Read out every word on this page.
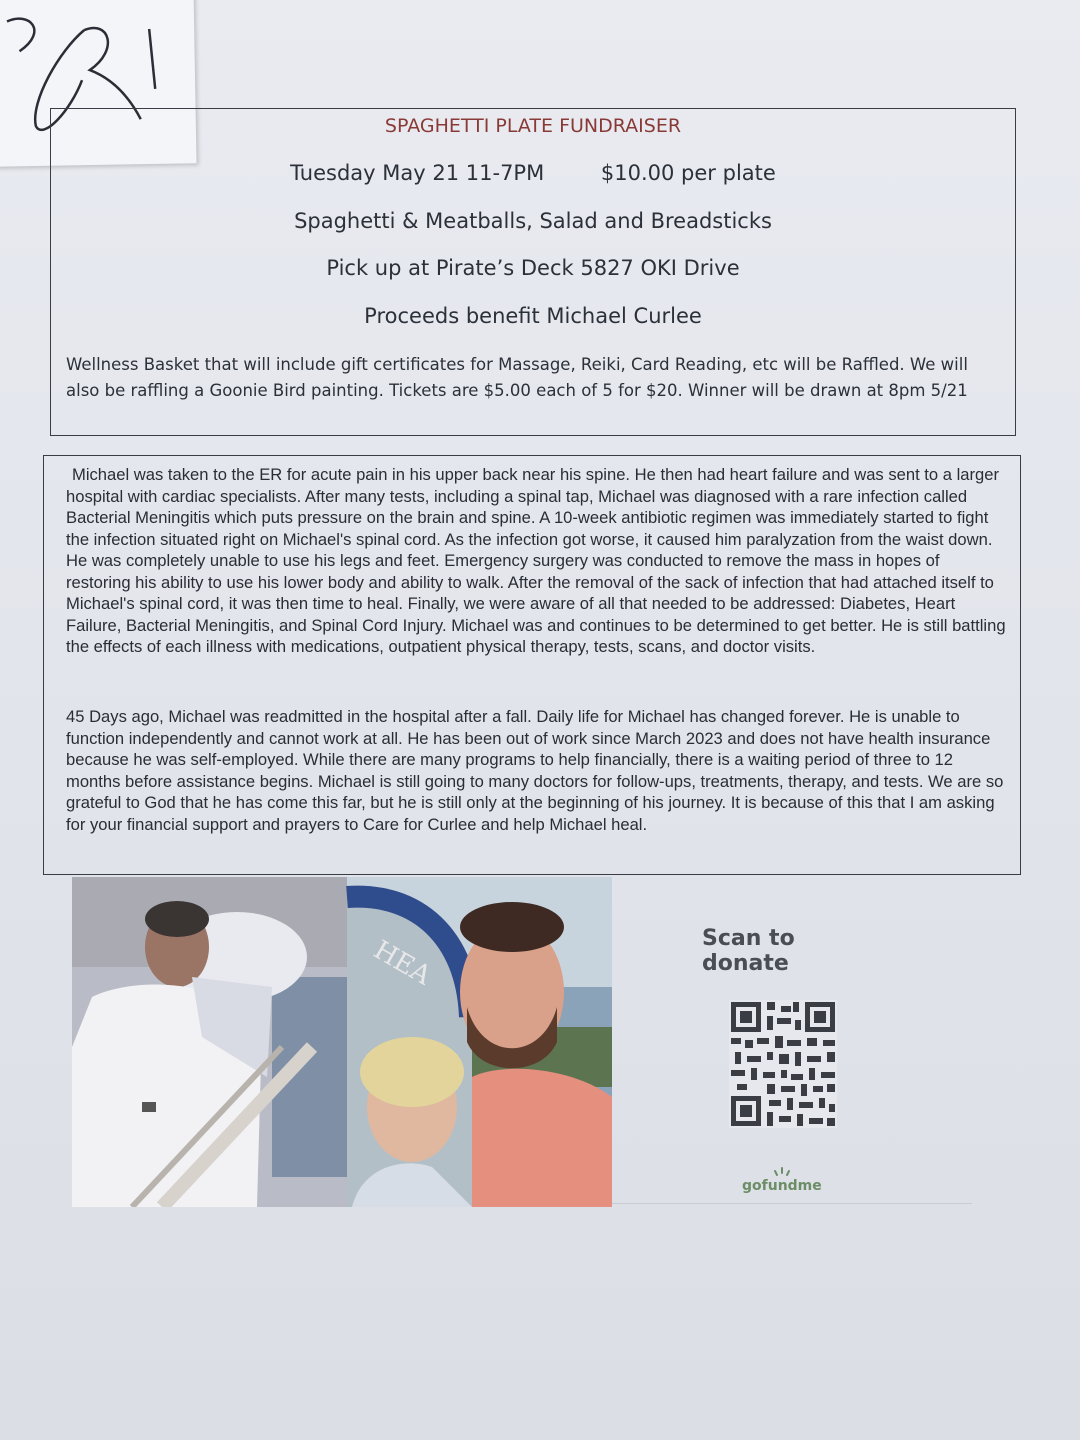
SPAGHETTI PLATE FUNDRAISER
Tuesday May 21 11-7PM	$10.00 per plate
Spaghetti & Meatballs, Salad and Breadsticks
Pick up at Pirate’s Deck 5827 OKI Drive
Proceeds benefit Michael Curlee
Wellness Basket that will include gift certificates for Massage, Reiki, Card Reading, etc will be Raffled. We will also be raffling a Goonie Bird painting. Tickets are $5.00 each of 5 for $20. Winner will be drawn at 8pm 5/21
Michael was taken to the ER for acute pain in his upper back near his spine. He then had heart failure and was sent to a larger hospital with cardiac specialists. After many tests, including a spinal tap, Michael was diagnosed with a rare infection called Bacterial Meningitis which puts pressure on the brain and spine. A 10-week antibiotic regimen was immediately started to fight the infection situated right on Michael's spinal cord. As the infection got worse, it caused him paralyzation from the waist down. He was completely unable to use his legs and feet. Emergency surgery was conducted to remove the mass in hopes of restoring his ability to use his lower body and ability to walk. After the removal of the sack of infection that had attached itself to Michael's spinal cord, it was then time to heal. Finally, we were aware of all that needed to be addressed: Diabetes, Heart Failure, Bacterial Meningitis, and Spinal Cord Injury. Michael was and continues to be determined to get better. He is still battling the effects of each illness with medications, outpatient physical therapy, tests, scans, and doctor visits.
45 Days ago, Michael was readmitted in the hospital after a fall. Daily life for Michael has changed forever. He is unable to function independently and cannot work at all. He has been out of work since March 2023 and does not have health insurance because he was self-employed. While there are many programs to help financially, there is a waiting period of three to 12 months before assistance begins. Michael is still going to many doctors for follow-ups, treatments, therapy, and tests. We are so grateful to God that he has come this far, but he is still only at the beginning of his journey. It is because of this that I am asking for your financial support and prayers to Care for Curlee and help Michael heal.
HEA	Scan to donate
gofundme
